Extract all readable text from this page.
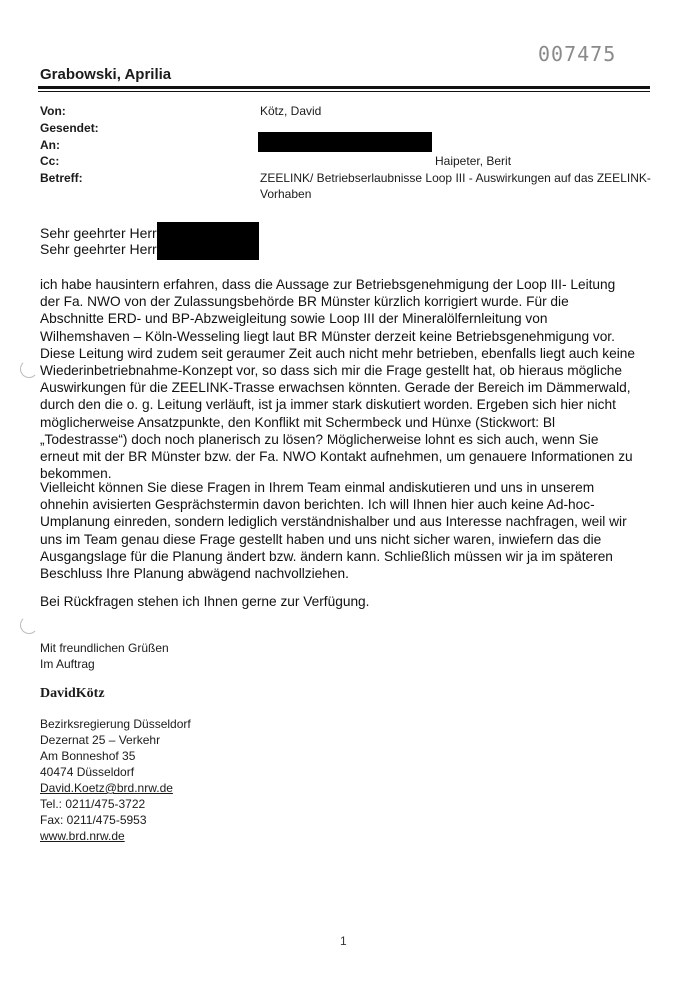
007475
Grabowski, Aprilia
Von:	Kötz, David
Gesendet:
An:
Cc:	Haipeter, Berit
Betreff:	ZEELINK/ Betriebserlaubnisse Loop III - Auswirkungen auf das ZEELINK-
Vorhaben
Sehr geehrter Herr
Sehr geehrter Herr

ich habe hausintern erfahren, dass die Aussage zur Betriebsgenehmigung der Loop III- Leitung

der Fa. NWO von der Zulassungsbehörde BR Münster kürzlich korrigiert wurde. Für die

Abschnitte ERD- und BP-Abzweigleitung sowie Loop III der Mineralölfernleitung von

Wilhemshaven – Köln-Wesseling liegt laut BR Münster derzeit keine Betriebsgenehmigung vor.

Diese Leitung wird zudem seit geraumer Zeit auch nicht mehr betrieben, ebenfalls liegt auch keine

Wiederinbetriebnahme-Konzept vor, so dass sich mir die Frage gestellt hat, ob hieraus mögliche

Auswirkungen für die ZEELINK-Trasse erwachsen könnten. Gerade der Bereich im Dämmerwald,

durch den die o. g. Leitung verläuft, ist ja immer stark diskutiert worden. Ergeben sich hier nicht

möglicherweise Ansatzpunkte, den Konflikt mit Schermbeck und Hünxe (Stickwort: Bl

„Todestrasse“) doch noch planerisch zu lösen? Möglicherweise lohnt es sich auch, wenn Sie

erneut mit der BR Münster bzw. der Fa. NWO Kontakt aufnehmen, um genauere Informationen zu

bekommen.

Vielleicht können Sie diese Fragen in Ihrem Team einmal andiskutieren und uns in unserem

ohnehin avisierten Gesprächstermin davon berichten. Ich will Ihnen hier auch keine Ad-hoc-

Umplanung einreden, sondern lediglich verständnishalber und aus Interesse nachfragen, weil wir

uns im Team genau diese Frage gestellt haben und uns nicht sicher waren, inwiefern das die

Ausgangslage für die Planung ändert bzw. ändern kann. Schließlich müssen wir ja im späteren

Beschluss Ihre Planung abwägend nachvollziehen.

Bei Rückfragen stehen ich Ihnen gerne zur Verfügung.

Mit freundlichen Grüßen
Im Auftrag
DavidKötz
Bezirksregierung Düsseldorf
Dezernat 25 – Verkehr
Am Bonneshof 35
40474 Düsseldorf
David.Koetz@brd.nrw.de
Tel.: 0211/475-3722
Fax: 0211/475-5953
www.brd.nrw.de
1
